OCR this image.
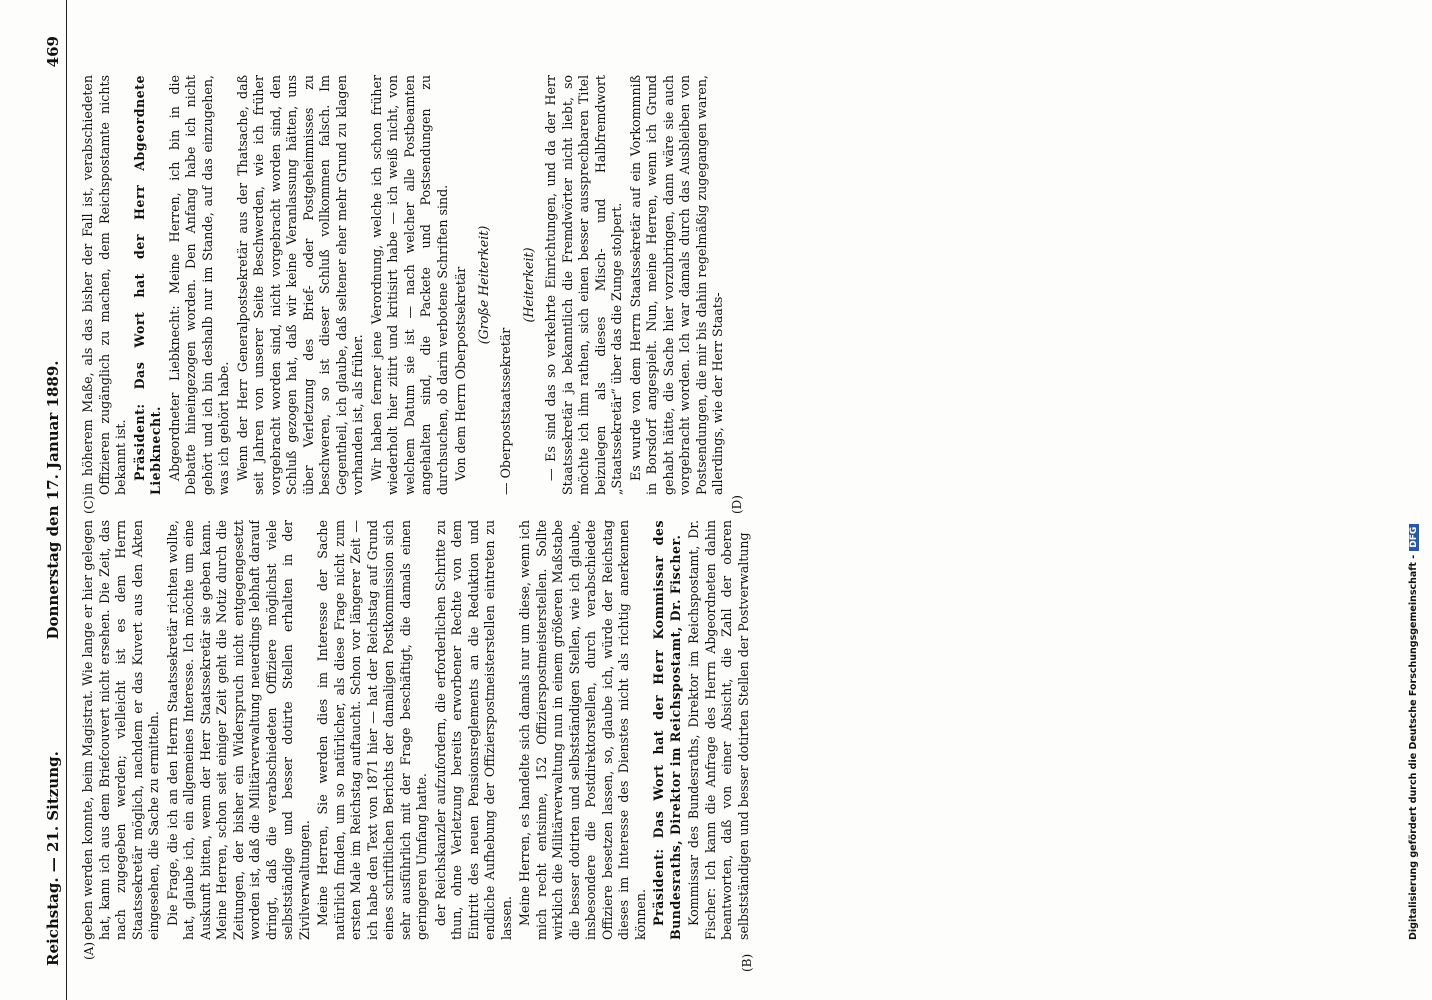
Reichstag. — 21. Sitzung.
Donnerstag den 17. Januar 1889.
469
(A)
(B)
(C)	(D)

geben werden konnte, beim Magistrat. Wie lange er hier gelegen hat, kann ich aus dem Briefcouvert nicht ersehen. Die Zeit, das nach zugegeben werden; vielleicht ist es dem Herrn Staatssekretär möglich, nachdem er das Kuvert aus den Akten eingesehen, die Sache zu ermitteln. Die Frage, die ich an den Herrn Staatssekretär richten wollte, hat, glaube ich, ein allgemeines Interesse. Ich möchte um eine Auskunft bitten, wenn der Herr Staatssekretär sie geben kann. Meine Herren, schon seit einiger Zeit geht die Notiz durch die Zeitungen, der bisher ein Widerspruch nicht entgegengesetzt worden ist, daß die Militärverwaltung neuerdings lebhaft darauf dringt, daß die verabschiedeten Offiziere möglichst viele selbstständige und besser dotirte Stellen erhalten in der Zivilverwaltungen. Meine Herren, Sie werden dies im Interesse der Sache natürlich finden, um so natürlicher, als diese Frage nicht zum ersten Male im Reichstag auftaucht. Schon vor längerer Zeit — ich habe den Text von 1871 hier — hat der Reichstag auf Grund eines schriftlichen Berichts der damaligen Postkommission sich sehr ausführlich mit der Frage beschäftigt, die damals einen geringeren Umfang hatte. der Reichskanzler aufzufordern, die erforderlichen Schritte zu thun, ohne Verletzung bereits erworbener Rechte von dem Eintritt des neuen Pensionsreglements an die Reduktion und endliche Aufhebung der Offizierspostmeisterstellen eintreten zu lassen. Meine Herren, es handelte sich damals nur um diese, wenn ich mich recht entsinne, 152 Offizierspostmeisterstellen. Sollte wirklich die Militärverwaltung nun in einem größeren Maßstabe die besser dotirten und selbstständigen Stellen, wie ich glaube, insbesondere die Postdirektorstellen, durch verabschiedete Offiziere besetzen lassen, so, glaube ich, würde der Reichstag dieses im Interesse des Dienstes nicht als richtig anerkennen können. Präsident: Das Wort hat der Herr Kommissar des Bundesraths, Direktor im Reichspostamt, Dr. Fischer. Kommissar des Bundesraths, Direktor im Reichspostamt, Dr. Fischer: Ich kann die Anfrage des Herrn Abgeordneten dahin beantworten, daß von einer Absicht, die Zahl der oberen selbstständigen und besser dotirten Stellen der Postverwaltung

in höherem Maße, als das bisher der Fall ist, verabschiedeten Offizieren zugänglich zu machen, dem Reichspostamte nichts bekannt ist. Präsident: Das Wort hat der Herr Abgeordnete Liebknecht. Abgeordneter Liebknecht: Meine Herren, ich bin in die Debatte hineingezogen worden. Den Anfang habe ich nicht gehört und ich bin deshalb nur im Stande, auf das einzugehen, was ich gehört habe. Wenn der Herr Generalpostsekretär aus der Thatsache, daß seit Jahren von unserer Seite Beschwerden, wie ich früher vorgebracht worden sind, nicht vorgebracht worden sind, den Schluß gezogen hat, daß wir keine Veranlassung hätten, uns über Verletzung des Brief- oder Postgeheimnisses zu beschweren, so ist dieser Schluß vollkommen falsch. Im Gegentheil, ich glaube, daß seltener eher mehr Grund zu klagen vorhanden ist, als früher. Wir haben ferner jene Verordnung, welche ich schon früher wiederholt hier zitirt und kritisirt habe — ich weiß nicht, von welchem Datum sie ist — nach welcher alle Postbeamten angehalten sind, die Packete und Postsendungen zu durchsuchen, ob darin verbotene Schriften sind. Von dem Herrn Oberpostsekretär (Große Heiterkeit)

— Oberpoststaatssekretär

(Heiterkeit) — Es sind das so verkehrte Einrichtungen, und da der Herr Staatssekretär ja bekanntlich die Fremdwörter nicht liebt, so möchte ich ihm rathen, sich einen besser aussprechbaren Titel beizulegen als dieses Misch- und Halbfremdwort „Staatssekretär“ über das die Zunge stolpert. Es wurde von dem Herrn Staatssekretär auf ein Vorkommniß in Borsdorf angespielt. Nun, meine Herren, wenn ich Grund gehabt hätte, die Sache hier vorzubringen, dann wäre sie auch vorgebracht worden. Ich war damals durch das Ausbleiben von Postsendungen, die mir bis dahin regelmäßig zugegangen waren, allerdings, wie der Herr Staats-

Digitalisierung gefördert durch die Deutsche Forschungsgemeinschaft -DFG
